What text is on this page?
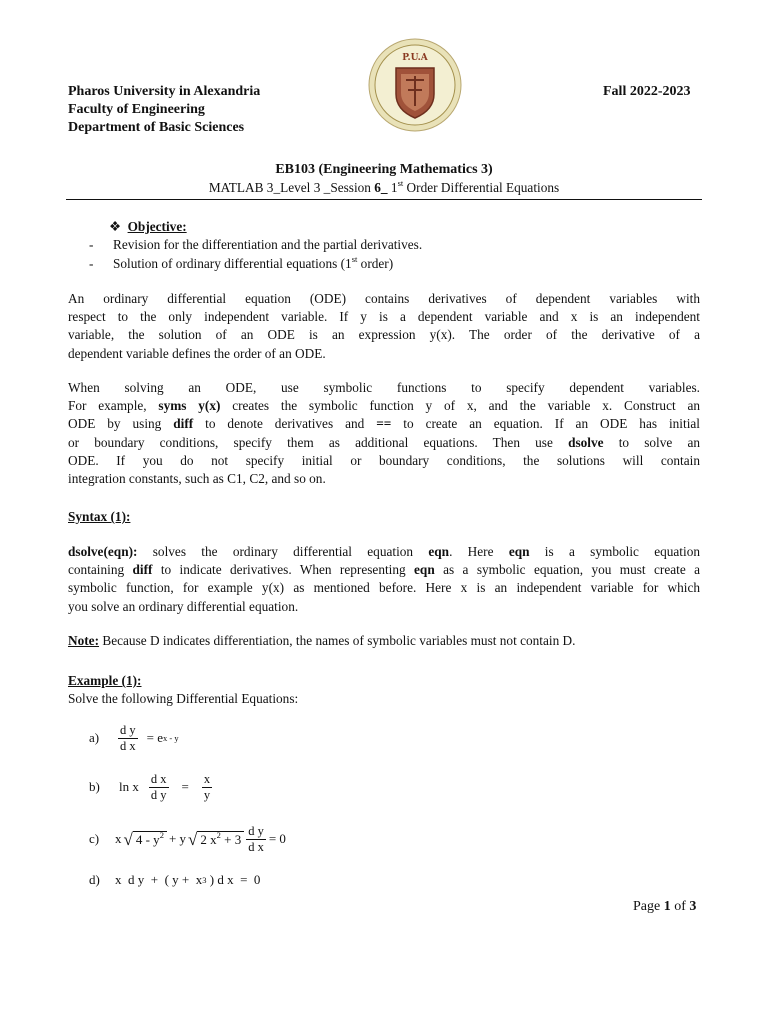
Pharos University in Alexandria
Faculty of Engineering
Department of Basic Sciences
P.U.A
Fall 2022-2023
EB103 (Engineering Mathematics 3)
MATLAB 3_Level 3 _Session 6_ 1st Order Differential Equations
❖ Objective:
- Revision for the differentiation and the partial derivatives.
- Solution of ordinary differential equations (1st order)
An ordinary differential equation (ODE) contains derivatives of dependent variables with
respect to the only independent variable. If y is a dependent variable and x is an independent
variable, the solution of an ODE is an expression y(x). The order of the derivative of a
dependent variable defines the order of an ODE.
When solving an ODE, use symbolic functions to specify dependent variables.
For example, syms y(x) creates the symbolic function y of x, and the variable x. Construct an
ODE by using diff to denote derivatives and == to create an equation. If an ODE has initial
or boundary conditions, specify them as additional equations. Then use dsolve to solve an
ODE. If you do not specify initial or boundary conditions, the solutions will contain
integration constants, such as C1, C2, and so on.
Syntax (1):
dsolve(eqn): solves the ordinary differential equation eqn. Here eqn is a symbolic equation
containing diff to indicate derivatives. When representing eqn as a symbolic equation, you must create a
symbolic function, for example y(x) as mentioned before. Here x is an independent variable for which
you solve an ordinary differential equation.
Note: Because D indicates differentiation, the names of symbolic variables must not contain D.
Example (1):
Solve the following Differential Equations:
a)	$\frac{\text{d y}}{\text{d x}} = e$ x - y
b)	ln x $\frac{\text{d x}}{\text{d y}} = \frac{x}{y}$
c)	x √ $4 - y^2 + y$ √ 2 $x^2 + 3 \frac{\text{d y}}{\text{d x}} = 0$
d)	x  d y  +  ( y +  x 3 ) d x  =  0
Page 1 of 3
